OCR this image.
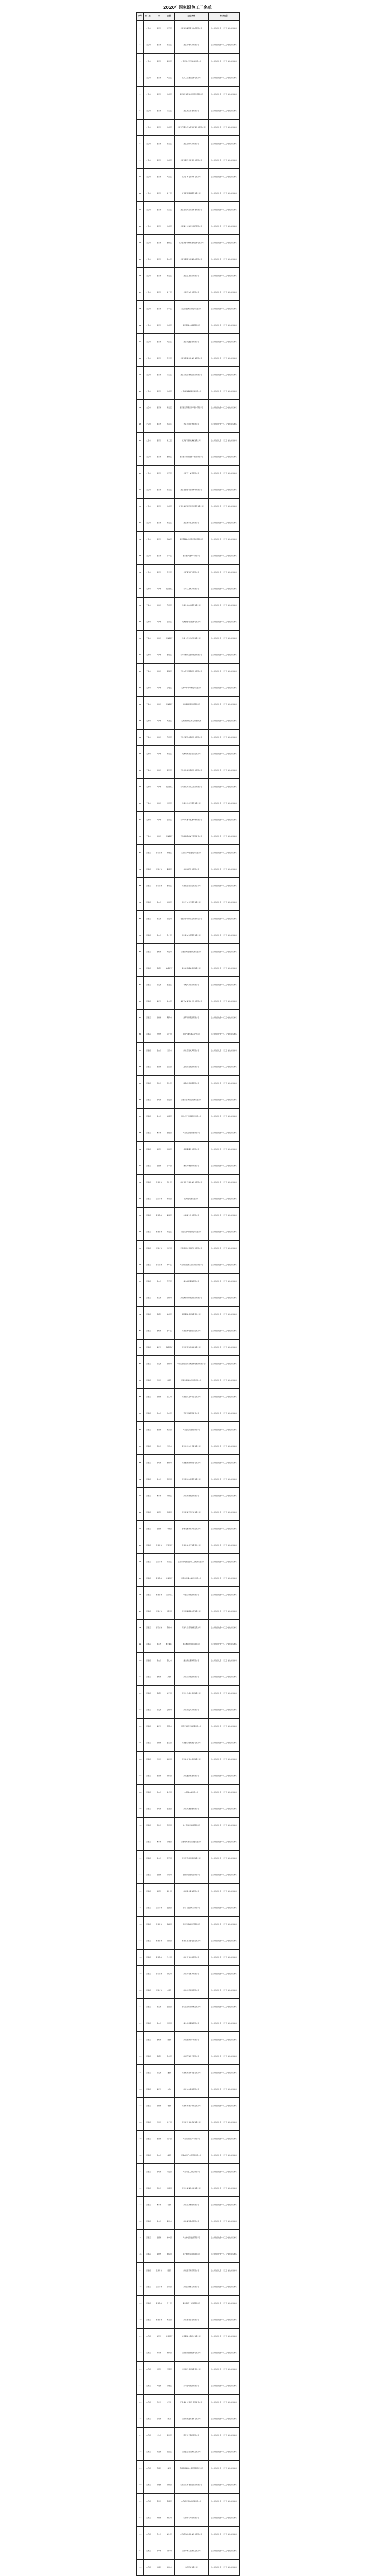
2020年国家绿色工厂名单
序号	省（市）	市	区县	企业名称	推荐类型
1	北京市	北京市	昌平区	北京福田康明斯发动机有限公司	工业和信息化部“十三五”绿色制造体系
2	北京市	北京市	顺义区	北京奔驰汽车有限公司	工业和信息化部“十三五”绿色制造体系
3	北京市	北京市	通州区	北京京东方显示技术有限公司	工业和信息化部“十三五”绿色制造体系
4	北京市	北京市	大兴区	北京三元食品股份有限公司	工业和信息化部“十三五”绿色制造体系
5	北京市	北京市	大兴区	北京同仁堂科技发展股份有限公司	工业和信息化部“十三五”绿色制造体系
6	北京市	北京市	房山区	北京燕山石化有限公司	工业和信息化部“十三五”绿色制造体系
7	北京市	北京市	大兴区	北京北汽鹏龙汽车服务贸易股份有限公司	工业和信息化部“十三五”绿色制造体系
8	北京市	北京市	顺义区	北京现代汽车有限公司	工业和信息化部“十三五”绿色制造体系
9	北京市	北京市	大兴区	北京金隅天坛家具股份有限公司	工业和信息化部“十三五”绿色制造体系
10	北京市	北京市	大兴区	北京百事可乐饮料有限公司	工业和信息化部“十三五”绿色制造体系
11	北京市	北京市	顺义区	北京燕京啤酒股份有限公司	工业和信息化部“十三五”绿色制造体系
12	北京市	北京市	平谷区	北京金隅水泥节能科技有限公司	工业和信息化部“十三五”绿色制造体系
13	北京市	北京市	大兴区	北京康宁杰瑞生物制药有限公司	工业和信息化部“十三五”绿色制造体系
14	北京市	北京市	通州区	北京铁科首钢轨道技术股份有限公司	工业和信息化部“十三五”绿色制造体系
15	北京市	北京市	房山区	北京金隅琉水环保科技有限公司	工业和信息化部“十三五”绿色制造体系
16	北京市	北京市	怀柔区	北京红星股份有限公司	工业和信息化部“十三五”绿色制造体系
17	北京市	北京市	顺义区	北京汽车股份有限公司	工业和信息化部“十三五”绿色制造体系
18	北京市	北京市	昌平区	北京新能源汽车股份有限公司	工业和信息化部“十三五”绿色制造体系
19	北京市	北京市	大兴区	北京奥瑞金制罐有限公司	工业和信息化部“十三五”绿色制造体系
20	北京市	北京市	海淀区	北京铁路信号有限公司	工业和信息化部“十三五”绿色制造体系
21	北京市	北京市	密云区	北京华海基业机械设备有限公司	工业和信息化部“十三五”绿色制造体系
22	北京市	北京市	房山区	北京天坛生物制品股份有限公司	工业和信息化部“十三五”绿色制造体系
23	北京市	北京市	大兴区	北京福田戴姆勒汽车有限公司	工业和信息化部“十三五”绿色制造体系
24	北京市	北京市	怀柔区	北京雷克萨斯汽车零部件有限公司	工业和信息化部“十三五”绿色制造体系
25	北京市	北京市	大兴区	北京利乐包装有限公司	工业和信息化部“十三五”绿色制造体系
26	北京市	北京市	顺义区	北京首钢冷轧薄板有限公司	工业和信息化部“十三五”绿色制造体系
27	北京市	北京市	通州区	北京北方华创微电子装备有限公司	工业和信息化部“十三五”绿色制造体系
28	北京市	北京市	昌平区	北京三一重机有限公司	工业和信息化部“十三五”绿色制造体系
29	北京市	北京市	顺义区	北京首钢吉泰安新材料有限公司	工业和信息化部“十三五”绿色制造体系
30	北京市	北京市	大兴区	北京长城华冠汽车科技股份有限公司	工业和信息化部“十三五”绿色制造体系
31	北京市	北京市	怀柔区	北京蒙牛乳业有限公司	工业和信息化部“十三五”绿色制造体系
32	北京市	北京市	平谷区	北京金隅凤山温泉度假村有限公司	工业和信息化部“十三五”绿色制造体系
33	北京市	北京市	昌平区	北京北汽越野车有限公司	工业和信息化部“十三五”绿色制造体系
34	北京市	北京市	密云区	北京富华灯饰有限公司	工业和信息化部“十三五”绿色制造体系
35	天津市	天津市	滨海新区	天津三星电子有限公司	工业和信息化部“十三五”绿色制造体系
36	天津市	天津市	西青区	天津力神电池股份有限公司	工业和信息化部“十三五”绿色制造体系
37	天津市	天津市	东丽区	天津钢管集团股份有限公司	工业和信息化部“十三五”绿色制造体系
38	天津市	天津市	滨海新区	天津一汽丰田汽车有限公司	工业和信息化部“十三五”绿色制造体系
39	天津市	天津市	北辰区	天津荣程联合钢铁集团有限公司	工业和信息化部“十三五”绿色制造体系
40	天津市	天津市	静海区	天津友发钢管集团股份有限公司	工业和信息化部“十三五”绿色制造体系
41	天津市	天津市	宝坻区	天津中环半导体股份有限公司	工业和信息化部“十三五”绿色制造体系
42	天津市	天津市	滨海新区	天津康师傅饮品有限公司	工业和信息化部“十三五”绿色制造体系
43	天津市	天津市	武清区	天津港保税区新天钢钢铁集团	工业和信息化部“十三五”绿色制造体系
44	天津市	天津市	西青区	天津长荣科技集团股份有限公司	工业和信息化部“十三五”绿色制造体系
45	天津市	天津市	津南区	天津海鸥表业集团有限公司	工业和信息化部“十三五”绿色制造体系
46	天津市	天津市	北辰区	天津金桥焊材集团股份有限公司	工业和信息化部“十三五”绿色制造体系
47	天津市	天津市	滨海新区	天津渤化永利化工股份有限公司	工业和信息化部“十三五”绿色制造体系
48	天津市	天津市	宁河区	天津大沽化工股份有限公司	工业和信息化部“十三五”绿色制造体系
49	天津市	天津市	东丽区	天津中车唐车轨道车辆有限公司	工业和信息化部“十三五”绿色制造体系
50	天津市	天津市	滨海新区	天津新港船舶重工有限责任公司	工业和信息化部“十三五”绿色制造体系
51	河北省	石家庄市	栾城区	石家庄以岭药业股份有限公司	工业和信息化部“十三五”绿色制造体系
52	河北省	石家庄市	藁城区	华北制药股份有限公司	工业和信息化部“十三五”绿色制造体系
53	河北省	石家庄市	鹿泉区	河北敬业集团有限责任公司	工业和信息化部“十三五”绿色制造体系
54	河北省	唐山市	丰南区	唐山三友化工股份有限公司	工业和信息化部“十三五”绿色制造体系
55	河北省	唐山市	迁安市	首钢京唐钢铁联合有限责任公司	工业和信息化部“十三五”绿色制造体系
56	河北省	唐山市	路北区	唐山冀东水泥股份有限公司	工业和信息化部“十三五”绿色制造体系
57	河北省	邯郸市	武安市	河北新武安钢铁集团有限公司	工业和信息化部“十三五”绿色制造体系
58	河北省	邯郸市	峰峰矿区	冀中能源峰峰集团有限公司	工业和信息化部“十三五”绿色制造体系
59	河北省	保定市	莲池区	长城汽车股份有限公司	工业和信息化部“十三五”绿色制造体系
60	河北省	保定市	徐水区	保定天威保变电气股份有限公司	工业和信息化部“十三五”绿色制造体系
61	河北省	沧州市	黄骅市	渤海钢铁集团有限公司	工业和信息化部“十三五”绿色制造体系
62	河北省	沧州市	任丘市	中国石油华北石化分公司	工业和信息化部“十三五”绿色制造体系
63	河北省	邢台市	沙河市	河北德金玻璃有限公司	工业和信息化部“十三五”绿色制造体系
64	河北省	邢台市	宁晋县	晶龙实业集团有限公司	工业和信息化部“十三五”绿色制造体系
65	河北省	廊坊市	安次区	新奥能源控股有限公司	工业和信息化部“十三五”绿色制造体系
66	河北省	廊坊市	固安县	河北京东方显示技术有限公司	工业和信息化部“十三五”绿色制造体系
67	河北省	衡水市	桃城区	衡水老白干酒业股份有限公司	工业和信息化部“十三五”绿色制造体系
68	河北省	衡水市	枣强县	河北中意玻璃钢有限公司	工业和信息化部“十三五”绿色制造体系
69	河北省	承德市	双桥区	承德露露股份有限公司	工业和信息化部“十三五”绿色制造体系
70	河北省	承德市	滦平县	建龙承德钢铁有限公司	工业和信息化部“十三五”绿色制造体系
71	河北省	张家口市	宣化区	河北宣化工程机械股份有限公司	工业和信息化部“十三五”绿色制造体系
72	河北省	张家口市	怀来县	长城葡萄酒有限公司	工业和信息化部“十三五”绿色制造体系
73	河北省	秦皇岛市	海港区	中信戴卡股份有限公司	工业和信息化部“十三五”绿色制造体系
74	河北省	秦皇岛市	开发区	秦皇岛耀华玻璃股份有限公司	工业和信息化部“十三五”绿色制造体系
75	河北省	石家庄市	正定县	石药集团中奇制药技术有限公司	工业和信息化部“十三五”绿色制造体系
76	河北省	石家庄市	新华区	河北钢铁集团石家庄钢铁有限公司	工业和信息化部“十三五”绿色制造体系
77	河北省	唐山市	开平区	唐山港陆钢铁有限公司	工业和信息化部“十三五”绿色制造体系
78	河北省	唐山市	滦州市	河北津西钢铁集团股份有限公司	工业和信息化部“十三五”绿色制造体系
79	河北省	邯郸市	复兴区	邯郸钢铁集团有限责任公司	工业和信息化部“十三五”绿色制造体系
80	河北省	邯郸市	永年区	河北永洋特钢集团有限公司	工业和信息化部“十三五”绿色制造体系
81	河北省	保定市	高碑店市	河北汇源食品饮料有限公司	工业和信息化部“十三五”绿色制造体系
82	河北省	保定市	涿州市	中国石油集团东方地球物理勘探有限公司	工业和信息化部“十三五”绿色制造体系
83	河北省	沧州市	献县	河北华北柴油机有限责任公司	工业和信息化部“十三五”绿色制造体系
84	河北省	沧州市	泊头市	河北泊头亚奇铸业有限公司	工业和信息化部“十三五”绿色制造体系
85	河北省	邢台市	桥东区	邢台钢铁有限责任公司	工业和信息化部“十三五”绿色制造体系
86	河北省	邢台市	清河县	河北金后盾塑胶有限公司	工业和信息化部“十三五”绿色制造体系
87	河北省	廊坊市	三河市	燕郊华北电力设备有限公司	工业和信息化部“十三五”绿色制造体系
88	河北省	廊坊市	霸州市	河北霸州新利钢管有限公司	工业和信息化部“十三五”绿色制造体系
89	河北省	衡水市	武邑县	河北衡水电机股份有限公司	工业和信息化部“十三五”绿色制造体系
90	河北省	衡水市	冀州区	河北冀衡集团有限公司	工业和信息化部“十三五”绿色制造体系
91	河北省	承德市	宽城县	河北宽城天宝矿业有限公司	工业和信息化部“十三五”绿色制造体系
92	河北省	承德市	兴隆县	承德兴隆冀东水泥有限公司	工业和信息化部“十三五”绿色制造体系
93	河北省	张家口市	下花园区	张家口卷烟厂有限责任公司	工业和信息化部“十三五”绿色制造体系
94	河北省	张家口市	万全区	张家口中地装备探矿工程机械有限公司	工业和信息化部“十三五”绿色制造体系
95	河北省	秦皇岛市	北戴河区	秦皇岛首秦金属材料有限公司	工业和信息化部“十三五”绿色制造体系
96	河北省	秦皇岛市	山海关区	中铁山桥集团有限公司	工业和信息化部“十三五”绿色制造体系
97	河北省	石家庄市	井陉县	河北金隅鼎鑫水泥有限公司	工业和信息化部“十三五”绿色制造体系
98	河北省	石家庄市	晋州市	河北马兰黎明纺织有限公司	工业和信息化部“十三五”绿色制造体系
99	河北省	唐山市	曹妃甸区	唐山曹妃甸钢铁有限公司	工业和信息化部“十三五”绿色制造体系
100	河北省	唐山市	遵化市	唐山燕山钢铁有限公司	工业和信息化部“十三五”绿色制造体系
101	河北省	邯郸市	涉县	河北天铁集团有限公司	工业和信息化部“十三五”绿色制造体系
102	河北省	邯郸市	成安县	河北大名晨光集团有限公司	工业和信息化部“十三五”绿色制造体系
103	河北省	保定市	定州市	河北长安汽车有限公司	工业和信息化部“十三五”绿色制造体系
104	河北省	保定市	安国市	保定安国数字中药都有限公司	工业和信息化部“十三五”绿色制造体系
105	河北省	沧州市	盐山县	河北盐山管道装备有限公司	工业和信息化部“十三五”绿色制造体系
106	河北省	沧州市	孟村县	河北孟村弯头集团有限公司	工业和信息化部“十三五”绿色制造体系
107	河北省	邢台市	南和县	河北鑫跃焦化有限公司	工业和信息化部“十三五”绿色制造体系
108	河北省	邢台市	隆尧县	今麦郎食品有限公司	工业和信息化部“十三五”绿色制造体系
109	河北省	廊坊市	永清县	河北永清钢材有限公司	工业和信息化部“十三五”绿色制造体系
110	河北省	廊坊市	香河县	河北香河家具城有限公司	工业和信息化部“十三五”绿色制造体系
111	河北省	衡水市	故城县	河北故城龙凤山酒业有限公司	工业和信息化部“十三五”绿色制造体系
112	河北省	衡水市	安平县	河北安平丝网集团有限公司	工业和信息化部“十三五”绿色制造体系
113	河北省	承德市	平泉市	承德平泉食用菌有限公司	工业和信息化部“十三五”绿色制造体系
114	河北省	承德市	隆化县	河北隆化钒钛有限公司	工业和信息化部“十三五”绿色制造体系
115	河北省	张家口市	沽源县	张家口沽源乳业有限公司	工业和信息化部“十三五”绿色制造体系
116	河北省	张家口市	涿鹿县	张家口涿鹿水泥有限公司	工业和信息化部“十三五”绿色制造体系
117	河北省	秦皇岛市	昌黎县	秦皇岛昌黎葡萄酒有限公司	工业和信息化部“十三五”绿色制造体系
118	河北省	秦皇岛市	卢龙县	河北卢龙水泥有限公司	工业和信息化部“十三五”绿色制造体系
119	河北省	石家庄市	辛集市	河北辛集皮革有限公司	工业和信息化部“十三五”绿色制造体系
120	河北省	石家庄市	赵县	河北赵县淀粉有限公司	工业和信息化部“十三五”绿色制造体系
121	河北省	唐山市	玉田县	唐山玉田印刷机械有限公司	工业和信息化部“十三五”绿色制造体系
122	河北省	唐山市	乐亭县	唐山乐亭钢铁有限公司	工业和信息化部“十三五”绿色制造体系
123	河北省	邯郸市	魏县	河北魏县纺织有限公司	工业和信息化部“十三五”绿色制造体系
124	河北省	邯郸市	肥乡区	河北肥乡化工有限公司	工业和信息化部“十三五”绿色制造体系
125	河北省	保定市	雄县	河北雄县塑料包装有限公司	工业和信息化部“十三五”绿色制造体系
126	河北省	保定市	白沟	河北白沟箱包有限公司	工业和信息化部“十三五”绿色制造体系
127	河北省	沧州市	青县	河北青县电子机箱有限公司	工业和信息化部“十三五”绿色制造体系
128	河北省	沧州市	东光县	河北东光包装机械有限公司	工业和信息化部“十三五”绿色制造体系
129	河北省	邢台市	平乡县	河北平乡自行车有限公司	工业和信息化部“十三五”绿色制造体系
130	河北省	邢台市	威县	河北威县汽车零部件有限公司	工业和信息化部“十三五”绿色制造体系
131	河北省	廊坊市	文安县	河北文安人造板有限公司	工业和信息化部“十三五”绿色制造体系
132	河北省	廊坊市	大城县	河北大城保温材料有限公司	工业和信息化部“十三五”绿色制造体系
133	河北省	衡水市	景县	河北景县橡塑有限公司	工业和信息化部“十三五”绿色制造体系
134	河北省	衡水市	深州市	河北深州果品有限公司	工业和信息化部“十三五”绿色制造体系
135	河北省	承德市	丰宁县	河北丰宁新能源有限公司	工业和信息化部“十三五”绿色制造体系
136	河北省	承德市	围场县	河北围场马铃薯有限公司	工业和信息化部“十三五”绿色制造体系
137	河北省	张家口市	蔚县	河北蔚县剪纸有限公司	工业和信息化部“十三五”绿色制造体系
138	河北省	张家口市	阳原县	河北阳原皮毛有限公司	工业和信息化部“十三五”绿色制造体系
139	河北省	秦皇岛市	抚宁区	秦皇岛抚宁玻璃有限公司	工业和信息化部“十三五”绿色制造体系
140	河北省	秦皇岛市	青龙县	河北青龙矿业有限公司	工业和信息化部“十三五”绿色制造体系
141	山西省	太原市	尖草坪区	太原钢铁（集团）有限公司	工业和信息化部“十三五”绿色制造体系
142	山西省	太原市	清徐县	山西美锦能源股份有限公司	工业和信息化部“十三五”绿色制造体系
143	山西省	大同市	云冈区	大同煤矿集团有限责任公司	工业和信息化部“十三五”绿色制造体系
144	山西省	大同市	平城区	大同齿轮集团有限公司	工业和信息化部“十三五”绿色制造体系
145	山西省	阳泉市	矿区	阳泉煤业（集团）有限责任公司	工业和信息化部“十三五”绿色制造体系
146	山西省	阳泉市	郊区	山西阳泉耐火材料有限公司	工业和信息化部“十三五”绿色制造体系
147	山西省	长治市	潞州区	潞安化工集团有限公司	工业和信息化部“十三五”绿色制造体系
148	山西省	长治市	屯留区	山西潞宝集团焦化有限公司	工业和信息化部“十三五”绿色制造体系
149	山西省	晋城市	城区	晋城无烟煤矿业集团有限责任公司	工业和信息化部“十三五”绿色制造体系
150	山西省	晋城市	泽州县	山西兰花科技创业股份有限公司	工业和信息化部“十三五”绿色制造体系
151	山西省	朔州市	朔城区	山西朔州平鲁区煤业有限公司	工业和信息化部“十三五”绿色制造体系
152	山西省	朔州市	怀仁市	山西怀仁陶瓷有限公司	工业和信息化部“十三五”绿色制造体系
153	山西省	晋中市	榆次区	山西经纬纺织机械股份有限公司	工业和信息化部“十三五”绿色制造体系
154	山西省	晋中市	介休市	山西介休三佳煤化有限公司	工业和信息化部“十三五”绿色制造体系
155	山西省	运城市	河津市	山西铝业有限公司	工业和信息化部“十三五”绿色制造体系
